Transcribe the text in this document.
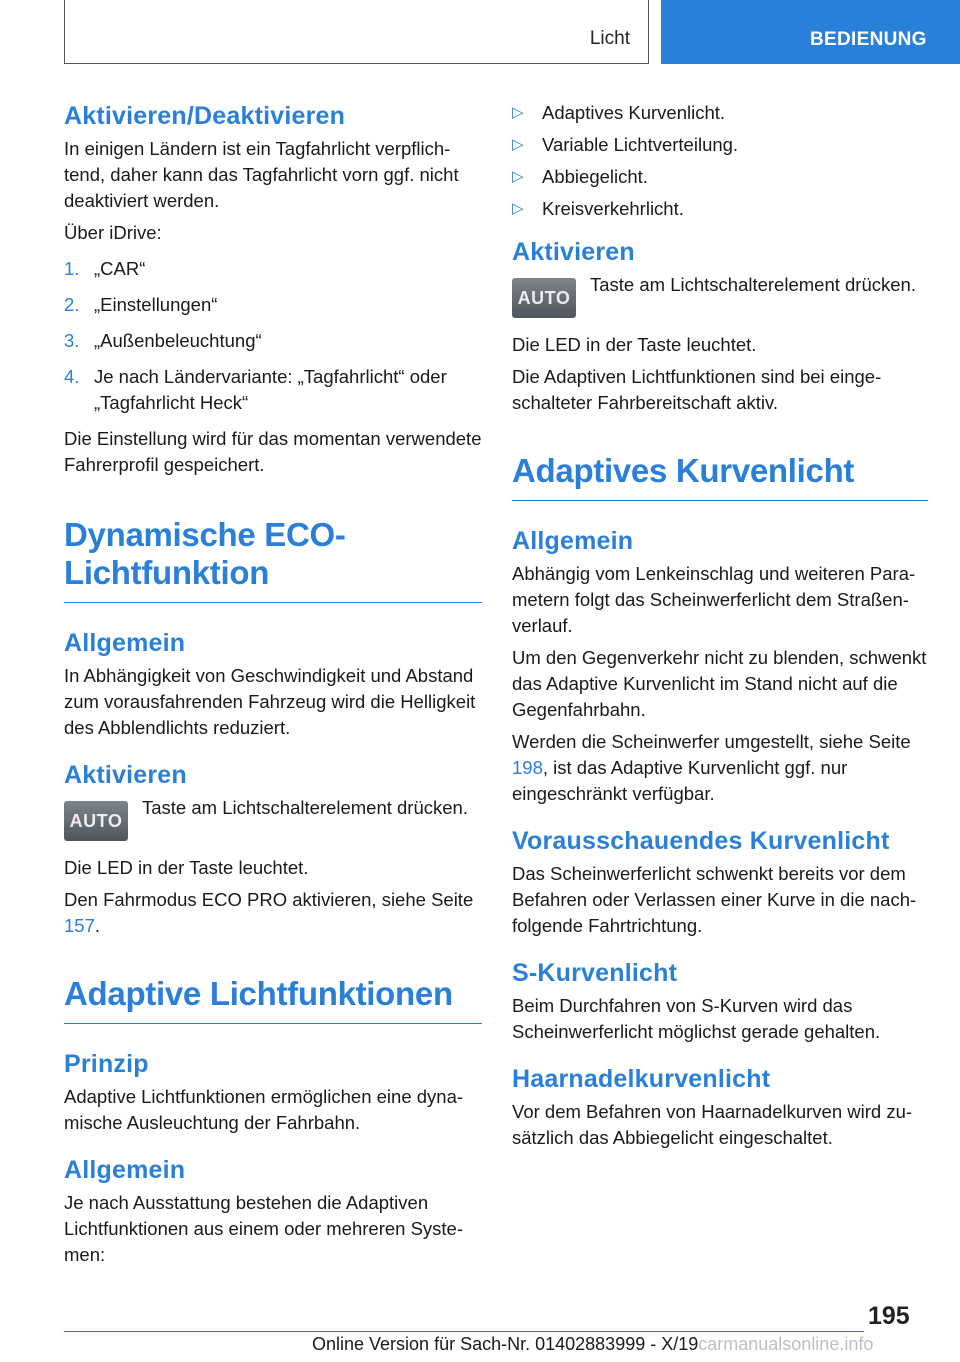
Licht	BEDIENUNG
Aktivieren/Deaktivieren

In einigen Ländern ist ein Tagfahrlicht verpflichtend, daher kann das Tagfahrlicht vorn ggf. nicht deaktiviert werden.

Über iDrive:

1. „CAR“
2. „Einstellungen“
3. „Außenbeleuchtung“
4. Je nach Ländervariante: „Tagfahrlicht“ oder „Tagfahrlicht Heck“

Die Einstellung wird für das momentan verwendete Fahrerprofil gespeichert.

Dynamische ECO-
Lichtfunktion
Allgemein

In Abhängigkeit von Geschwindigkeit und Abstand zum vorausfahrenden Fahrzeug wird die Helligkeit des Abblendlichts reduziert.

Aktivieren
AUTO

Taste am Lichtschalterelement drücken.

Die LED in der Taste leuchtet.

Den Fahrmodus ECO PRO aktivieren, siehe Seite 157.

Adaptive Lichtfunktionen
Prinzip

Adaptive Lichtfunktionen ermöglichen eine dynamische Ausleuchtung der Fahrbahn.

Allgemein

Je nach Ausstattung bestehen die Adaptiven Lichtfunktionen aus einem oder mehreren Systemen:

▷ Adaptives Kurvenlicht.
▷ Variable Lichtverteilung.
▷ Abbiegelicht.
▷ Kreisverkehrlicht.
Aktivieren
AUTO

Taste am Lichtschalterelement drücken.

Die LED in der Taste leuchtet.

Die Adaptiven Lichtfunktionen sind bei eingeschalteter Fahrbereitschaft aktiv.

Adaptives Kurvenlicht
Allgemein

Abhängig vom Lenkeinschlag und weiteren Parametern folgt das Scheinwerferlicht dem Straßenverlauf.

Um den Gegenverkehr nicht zu blenden, schwenkt das Adaptive Kurvenlicht im Stand nicht auf die Gegenfahrbahn.

Werden die Scheinwerfer umgestellt, siehe Seite 198, ist das Adaptive Kurvenlicht ggf. nur eingeschränkt verfügbar.

Vorausschauendes Kurvenlicht

Das Scheinwerferlicht schwenkt bereits vor dem Befahren oder Verlassen einer Kurve in die nachfolgende Fahrtrichtung.

S-Kurvenlicht

Beim Durchfahren von S-Kurven wird das Scheinwerferlicht möglichst gerade gehalten.

Haarnadelkurvenlicht

Vor dem Befahren von Haarnadelkurven wird zusätzlich das Abbiegelicht eingeschaltet.

195
Online Version für Sach-Nr. 01402883999 - X/19carmanualsonline.info
